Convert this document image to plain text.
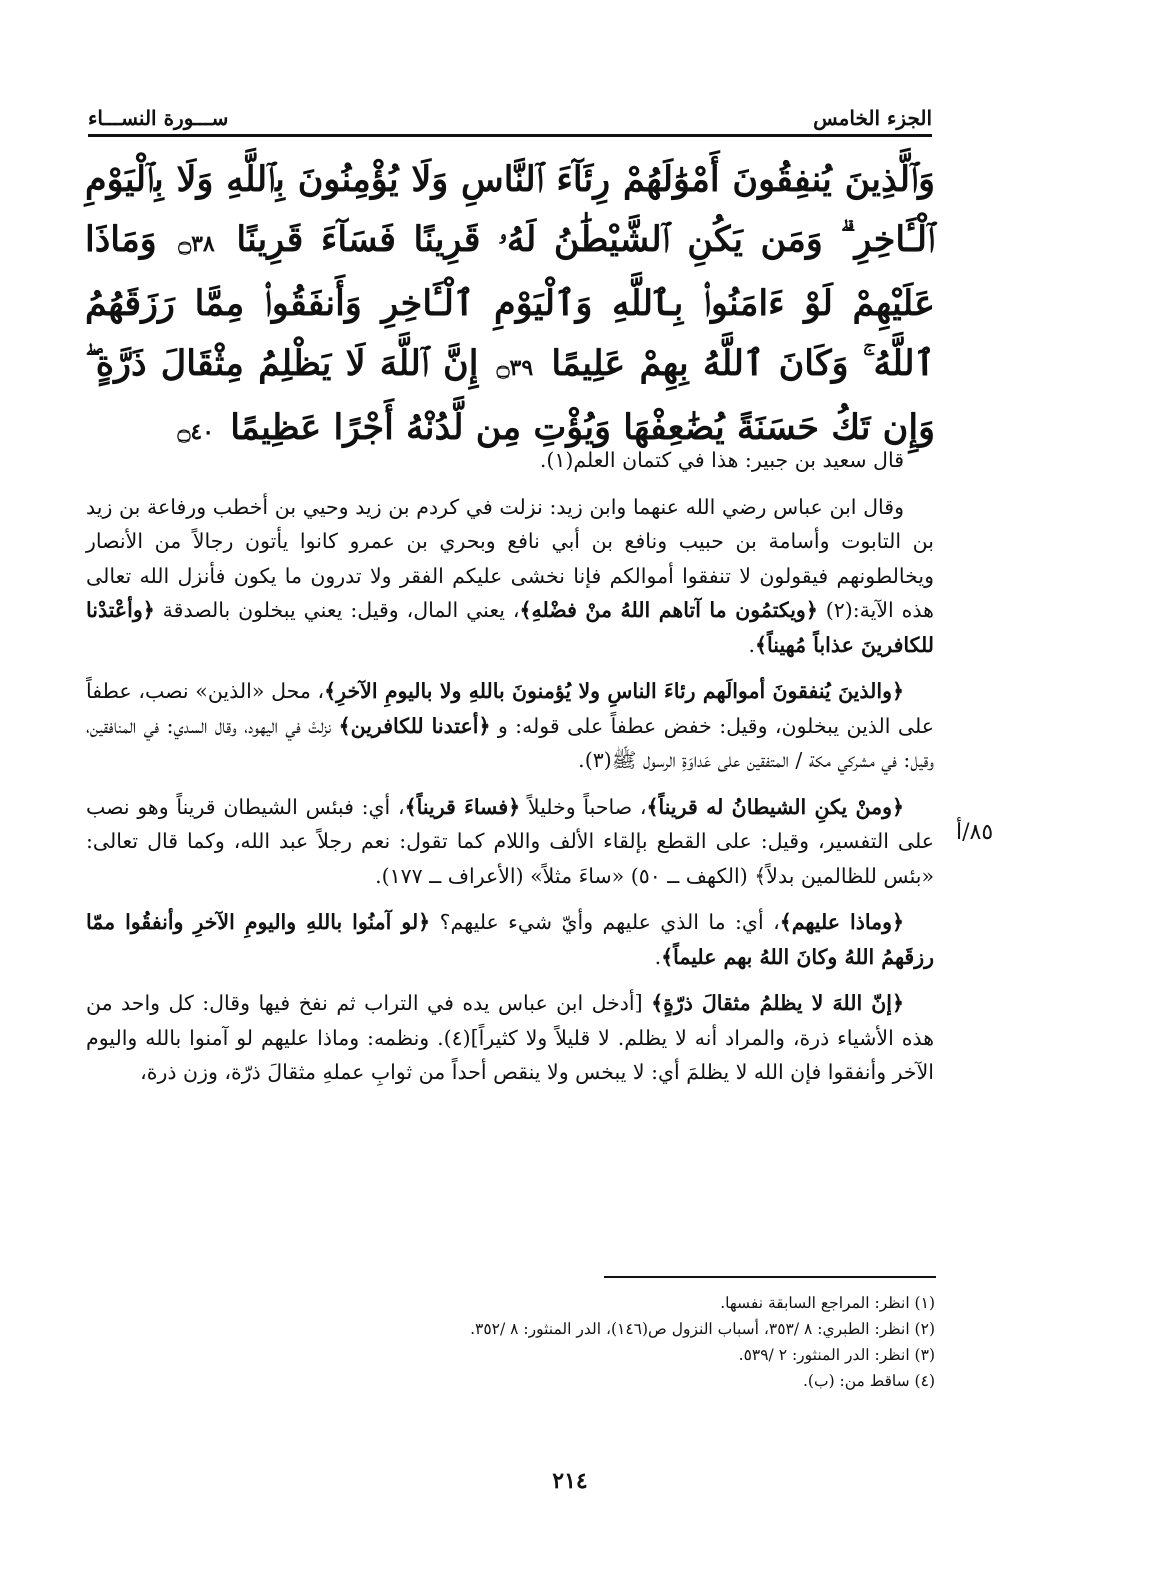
الجزء الخامس
ســـورة النســـاء
وَٱلَّذِينَ يُنفِقُونَ أَمْوَٰلَهُمْ رِئَآءَ ٱلنَّاسِ وَلَا يُؤْمِنُونَ بِٱللَّهِ وَلَا بِٱلْيَوْمِ ٱلْـَٔاخِرِ ۗ وَمَن يَكُنِ ٱلشَّيْطَٰنُ لَهُۥ قَرِينًا فَسَآءَ قَرِينًا ۝٣٨ وَمَاذَا عَلَيْهِمْ لَوْ ءَامَنُوا۟ بِٱللَّهِ وَٱلْيَوْمِ ٱلْـَٔاخِرِ وَأَنفَقُوا۟ مِمَّا رَزَقَهُمُ ٱللَّهُ ۚ وَكَانَ ٱللَّهُ بِهِمْ عَلِيمًا ۝٣٩ إِنَّ ٱللَّهَ لَا يَظْلِمُ مِثْقَالَ ذَرَّةٍ ۖ وَإِن تَكُ حَسَنَةً يُضَٰعِفْهَا وَيُؤْتِ مِن لَّدُنْهُ أَجْرًا عَظِيمًا ۝٤٠

قال سعيد بن جبير: هذا في كتمان العلم(١).

وقال ابن عباس رضي الله عنهما وابن زيد: نزلت في كردم بن زيد وحيي بن أخطب ورفاعة بن زيد بن التابوت وأسامة بن حبيب ونافع بن أبي نافع وبحري بن عمرو كانوا يأتون رجالاً من الأنصار ويخالطونهم فيقولون لا تنفقوا أموالكم فإنا نخشى عليكم الفقر ولا تدرون ما يكون فأنزل الله تعالى هذه الآية:(٢) ﴿ويكتمُون ما آتاهم اللهُ منْ فضْلهِ﴾، يعني المال، وقيل: يعني يبخلون بالصدقة ﴿وأعْتدْنا للكافرينَ عذاباً مُهيناً﴾.

﴿والذينَ يُنفقونَ أموالَهم رئاءَ الناسِ ولا يُؤمنونَ باللهِ ولا باليومِ الآخرِ﴾، محل «الذين» نصب، عطفاً على الذين يبخلون، وقيل: خفض عطفاً على قوله: و ﴿أعتدنا للكافرين﴾ نزلتْ في اليهود، وقال السدي: في المنافقين، وقيل: في مشركي مكة / المتفقين على عَداوَةِ الرسول ﷺ(٣).

﴿ومنْ يكنِ الشيطانُ له قريناً﴾، صاحباً وخليلاً ﴿فساءَ قريناً﴾، أي: فبئس الشيطان قريناً وهو نصب على التفسير، وقيل: على القطع بإلقاء الألف واللام كما تقول: نعم رجلاً عبد الله، وكما قال تعالى: «بئس للظالمين بدلاً﴾ (الكهف ــ ٥٠) «ساءَ مثلاً» (الأعراف ــ ١٧٧).

﴿وماذا عليهم﴾، أي: ما الذي عليهم وأيّ شيء عليهم؟ ﴿لو آمنُوا باللهِ واليومِ الآخرِ وأنفقُوا ممّا رزقَهمُ اللهُ وكانَ اللهُ بهم عليماً﴾.

﴿إنّ اللهَ لا يظلمُ مثقالَ ذرّةٍ﴾ [أدخل ابن عباس يده في التراب ثم نفخ فيها وقال: كل واحد من هذه الأشياء ذرة، والمراد أنه لا يظلم. لا قليلاً ولا كثيراً](٤). ونظمه: وماذا عليهم لو آمنوا بالله واليوم الآخر وأنفقوا فإن الله لا يظلمَ أي: لا يبخس ولا ينقص أحداً من ثوابِ عملهِ مثقالَ ذرّة، وزن ذرة،

٨٥/أ
(١) انظر: المراجع السابقة نفسها.
(٢) انظر: الطبري: ٨ /٣٥٣، أسباب النزول ص(١٤٦)، الدر المنثور: ٨ /٣٥٢.
(٣) انظر: الدر المنثور: ٢ /٥٣٩.
(٤) ساقط من: (ب).
٢١٤
